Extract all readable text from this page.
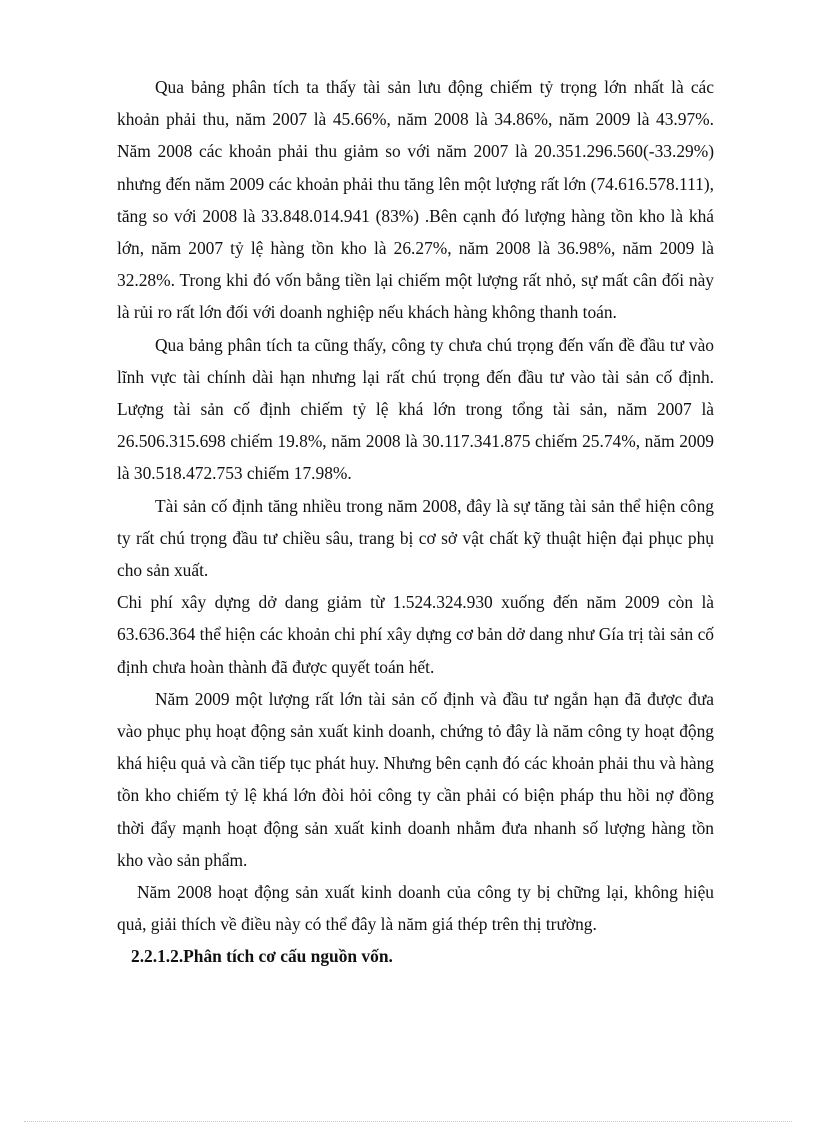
Qua bảng phân tích ta thấy tài sản lưu động chiếm tỷ trọng lớn nhất là các khoản phải thu, năm 2007 là 45.66%, năm 2008 là 34.86%, năm 2009 là 43.97%. Năm 2008 các khoản phải thu giảm so với năm 2007 là 20.351.296.560(-33.29%) nhưng đến năm 2009 các khoản phải thu tăng lên một lượng rất lớn (74.616.578.111), tăng so với 2008 là 33.848.014.941 (83%) .Bên cạnh đó lượng hàng tồn kho là khá lớn, năm 2007 tỷ lệ hàng tồn kho là 26.27%, năm 2008 là 36.98%, năm 2009 là 32.28%. Trong khi đó vốn bằng tiền lại chiếm một lượng rất nhỏ, sự mất cân đối này là rủi ro rất lớn đối với doanh nghiệp nếu khách hàng không thanh toán.

Qua bảng phân tích ta cũng thấy, công ty chưa chú trọng đến vấn đề đầu tư vào lĩnh vực tài chính dài hạn nhưng lại rất chú trọng đến đầu tư vào tài sản cố định. Lượng tài sản cố định chiếm tỷ lệ khá lớn trong tổng tài sản, năm 2007 là 26.506.315.698 chiếm 19.8%, năm 2008 là 30.117.341.875 chiếm 25.74%, năm 2009 là 30.518.472.753 chiếm 17.98%.

Tài sản cố định tăng nhiều trong năm 2008, đây là sự tăng tài sản thể hiện công ty rất chú trọng đầu tư chiều sâu, trang bị cơ sở vật chất kỹ thuật hiện đại phục phụ cho sản xuất.

Chi phí xây dựng dở dang giảm từ 1.524.324.930 xuống đến năm 2009 còn là 63.636.364 thể hiện các khoản chi phí xây dựng cơ bản dở dang như Gía trị tài sản cố định chưa hoàn thành đã được quyết toán hết.

Năm 2009 một lượng rất lớn tài sản cố định và đầu tư ngắn hạn đã được đưa vào phục phụ hoạt động sản xuất kinh doanh, chứng tỏ đây là năm công ty hoạt động khá hiệu quả và cần tiếp tục phát huy. Nhưng bên cạnh đó các khoản phải thu và hàng tồn kho chiếm tỷ lệ khá lớn đòi hỏi công ty cần phải có biện pháp thu hồi nợ đồng thời đẩy mạnh hoạt động sản xuất kinh doanh nhằm đưa nhanh số lượng hàng tồn kho vào sản phẩm.

Năm 2008 hoạt động sản xuất kinh doanh của công ty bị chững lại, không hiệu quả, giải thích về điều này có thể đây là năm giá thép trên thị trường.

2.2.1.2.Phân tích cơ cấu nguồn vốn.
